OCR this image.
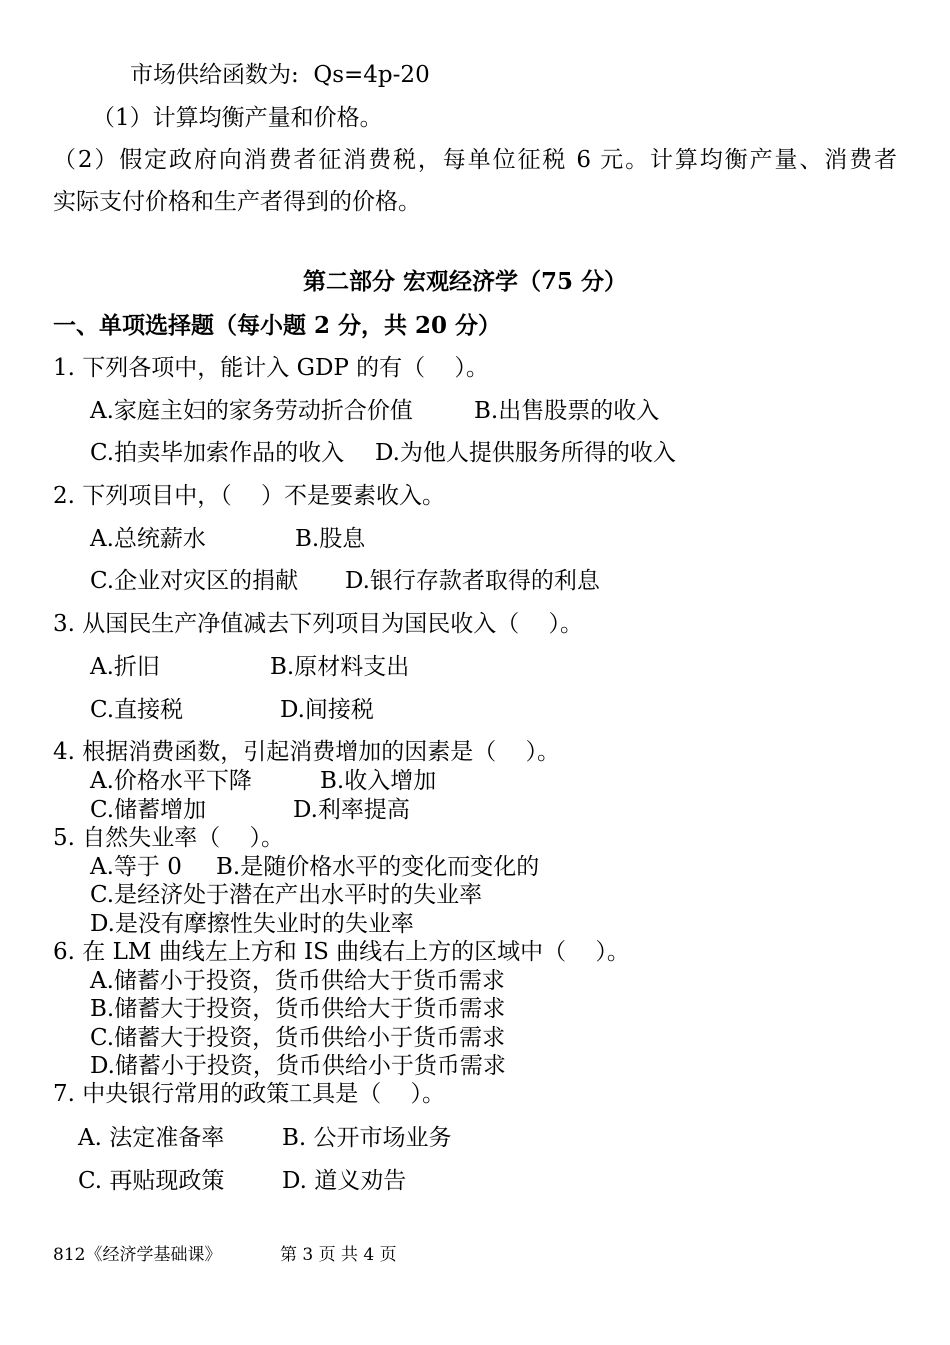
市场供给函数为:  Qs=4p-20
（1）计算均衡产量和价格。
（2）假定政府向消费者征消费税，每单位征税 6 元。计算均衡产量、消费者
实际支付价格和生产者得到的价格。
第二部分 宏观经济学（75 分）
一、单项选择题（每小题 2 分，共 20 分）
1. 下列各项中，能计入 GDP 的有（    ）。
A.家庭主妇的家务劳动折合价值	B.出售股票的收入
C.拍卖毕加索作品的收入 D.为他人提供服务所得的收入
2. 下列项目中，（    ）不是要素收入。
A.总统薪水	B.股息
C.企业对灾区的捐献 D.银行存款者取得的利息
3. 从国民生产净值减去下列项目为国民收入（    ）。
A.折旧	B.原材料支出
C.直接税	D.间接税
4. 根据消费函数，引起消费增加的因素是（    ）。
A.价格水平下降	B.收入增加
C.储蓄增加	D.利率提高
5. 自然失业率（    ）。
A.等于 0 B.是随价格水平的变化而变化的
C.是经济处于潜在产出水平时的失业率
D.是没有摩擦性失业时的失业率
6. 在 LM 曲线左上方和 IS 曲线右上方的区域中（    ）。
A.储蓄小于投资，货币供给大于货币需求
B.储蓄大于投资，货币供给大于货币需求
C.储蓄大于投资，货币供给小于货币需求
D.储蓄小于投资，货币供给小于货币需求
7. 中央银行常用的政策工具是（    ）。
A. 法定准备率	B. 公开市场业务
C. 再贴现政策	D. 道义劝告
812《经济学基础课》	第 3 页 共 4 页
